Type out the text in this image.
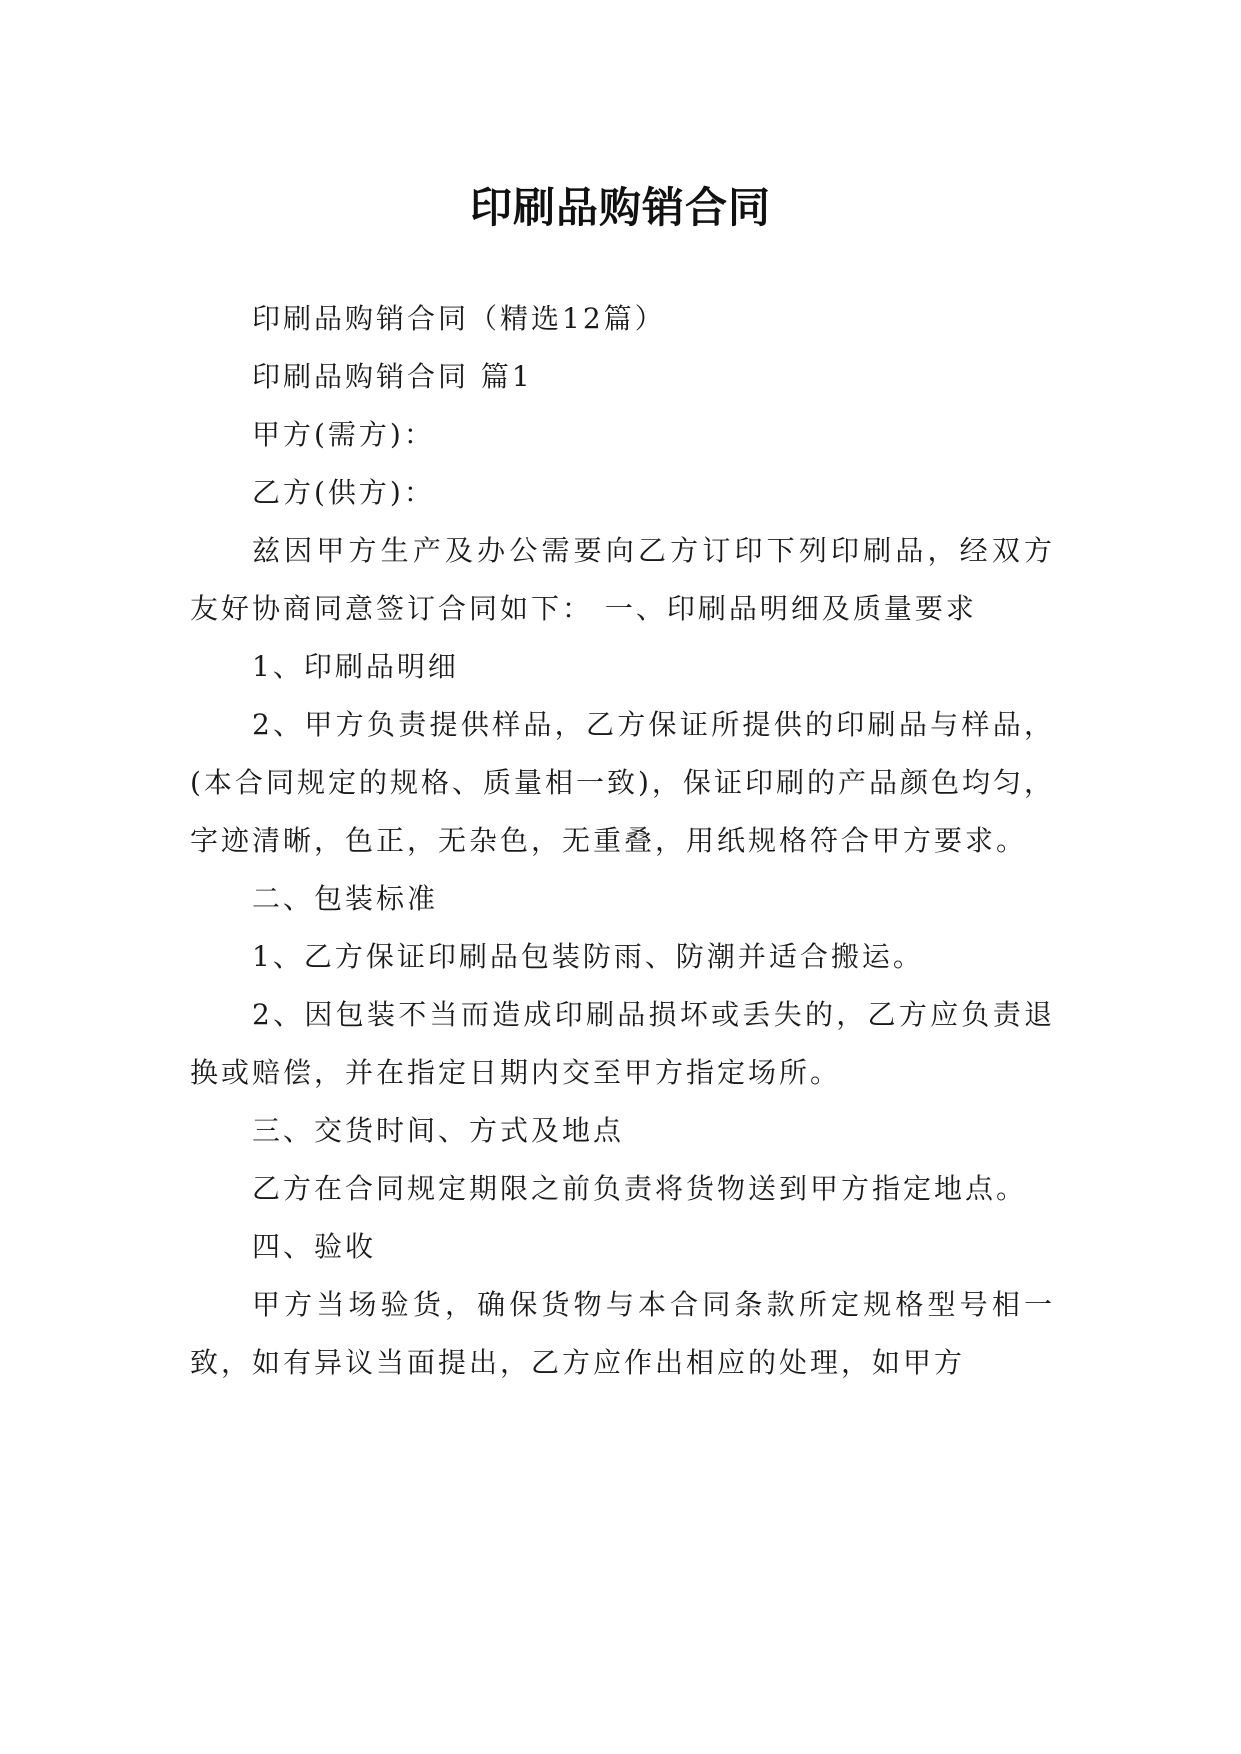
印刷品购销合同

印刷品购销合同（精选12篇）

印刷品购销合同 篇1

甲方(需方)：

乙方(供方)：

兹因甲方生产及办公需要向乙方订印下列印刷品，经双方友好协商同意签订合同如下： 一、印刷品明细及质量要求

1、印刷品明细

2、甲方负责提供样品，乙方保证所提供的印刷品与样品，(本合同规定的规格、质量相一致)，保证印刷的产品颜色均匀，字迹清晰，色正，无杂色，无重叠，用纸规格符合甲方要求。

二、包装标准

1、乙方保证印刷品包装防雨、防潮并适合搬运。

2、因包装不当而造成印刷品损坏或丢失的，乙方应负责退换或赔偿，并在指定日期内交至甲方指定场所。

三、交货时间、方式及地点

乙方在合同规定期限之前负责将货物送到甲方指定地点。

四、验收

甲方当场验货，确保货物与本合同条款所定规格型号相一致，如有异议当面提出，乙方应作出相应的处理，如甲方
